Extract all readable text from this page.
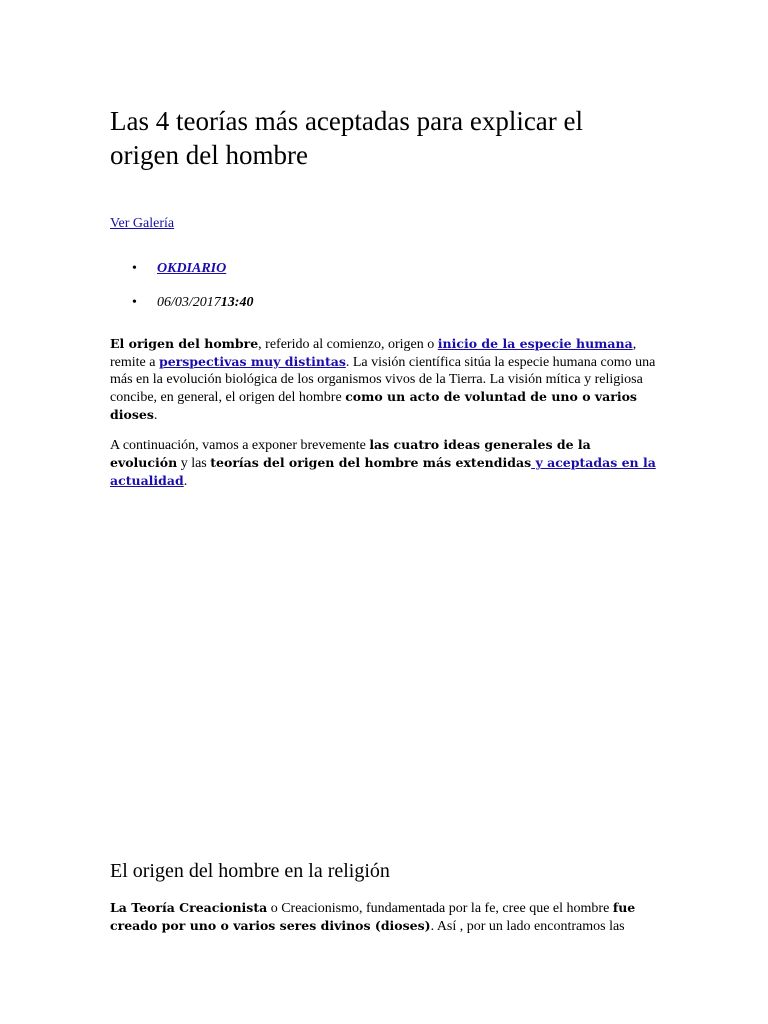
Las 4 teorías más aceptadas para explicar el origen del hombre
Ver Galería
• OKDIARIO
• 06/03/201713:40

El origen del hombre, referido al comienzo, origen o inicio de la especie humana, remite a perspectivas muy distintas. La visión científica sitúa la especie humana como una más en la evolución biológica de los organismos vivos de la Tierra. La visión mítica y religiosa concibe, en general, el origen del hombre como un acto de voluntad de uno o varios dioses.

A continuación, vamos a exponer brevemente las cuatro ideas generales de la evolución y las teorías del origen del hombre más extendidas y aceptadas en la actualidad.

El origen del hombre en la religión

La Teoría Creacionista o Creacionismo, fundamentada por la fe, cree que el hombre fue creado por uno o varios seres divinos (dioses). Así , por un lado encontramos las
